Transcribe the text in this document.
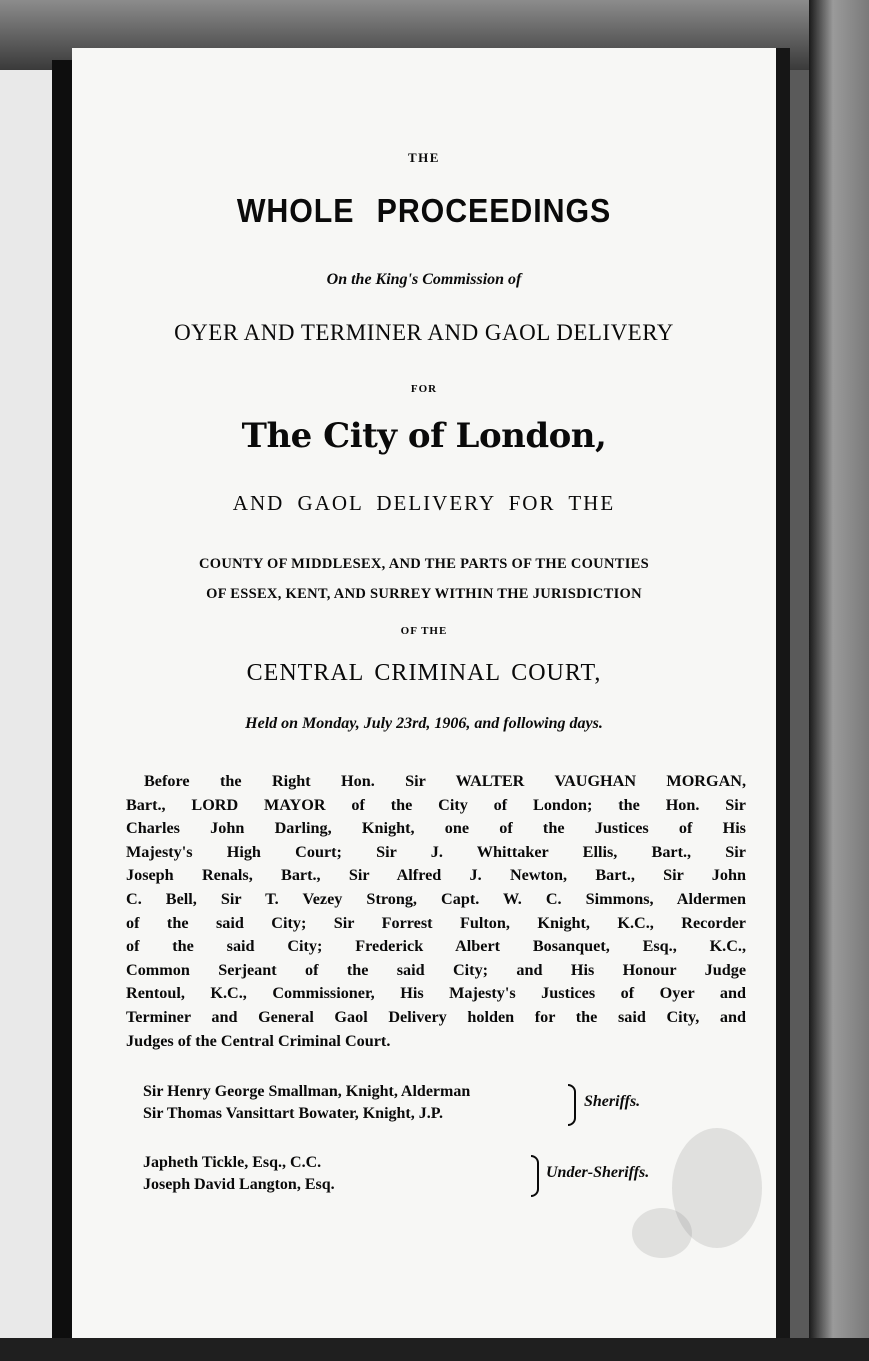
THE
WHOLE PROCEEDINGS
On the King's Commission of
OYER AND TERMINER AND GAOL DELIVERY
FOR
The City of London,
AND GAOL DELIVERY FOR THE
COUNTY OF MIDDLESEX, AND THE PARTS OF THE COUNTIES
OF ESSEX, KENT, AND SURREY WITHIN THE JURISDICTION
OF THE
CENTRAL CRIMINAL COURT,
Held on Monday, July 23rd, 1906, and following days.
Before the Right Hon. Sir WALTER VAUGHAN MORGAN,
Bart., LORD MAYOR of the City of London; the Hon. Sir
Charles John Darling, Knight, one of the Justices of His
Majesty's High Court; Sir J. Whittaker Ellis, Bart., Sir
Joseph Renals, Bart., Sir Alfred J. Newton, Bart., Sir John
C. Bell, Sir T. Vezey Strong, Capt. W. C. Simmons, Aldermen
of the said City; Sir Forrest Fulton, Knight, K.C., Recorder
of the said City; Frederick Albert Bosanquet, Esq., K.C.,
Common Serjeant of the said City; and His Honour Judge
Rentoul, K.C., Commissioner, His Majesty's Justices of Oyer and
Terminer and General Gaol Delivery holden for the said City, and
Judges of the Central Criminal Court.
Sir Henry George Smallman, Knight, Alderman
Sir Thomas Vansittart Bowater, Knight, J.P.
Sheriffs.
Japheth Tickle, Esq., C.C.
Joseph David Langton, Esq.
Under-Sheriffs.
